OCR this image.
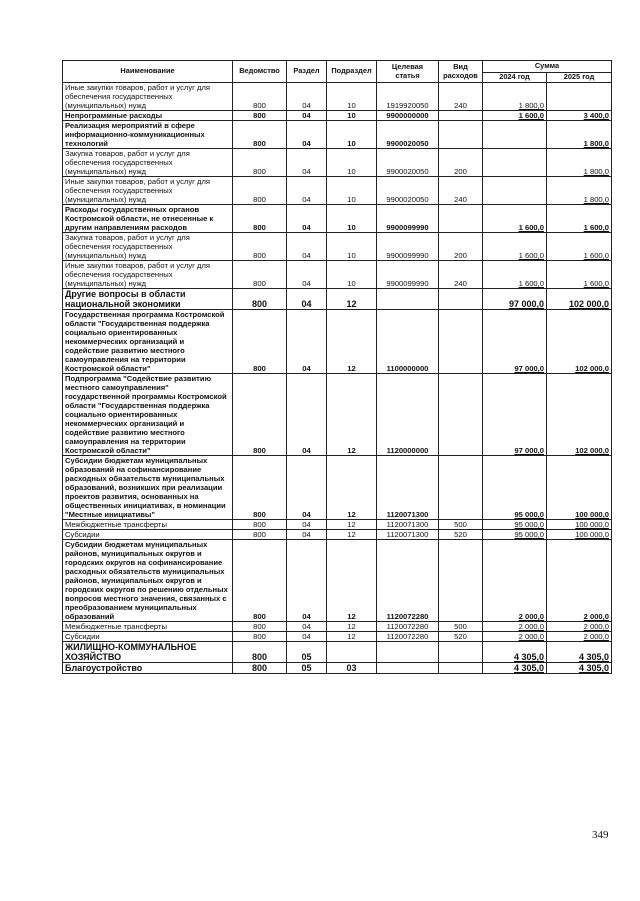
Наименование	Ведомство	Раздел	Подраздел	Целевая статья	Вид расходов	Сумма	
						2024 год	2025 год
Иные закупки товаров, работ и услуг для обеспечения государственных (муниципальных) нужд	800	04	10	1919920050	240	1 800,0	
Непрограммные расходы	800	04	10	9900000000		1 600,0	3 400,0
Реализация мероприятий в сфере информационно-коммуникационных технологий	800	04	10	9900020050			1 800,0
Закупка товаров, работ и услуг для обеспечения государственных (муниципальных) нужд	800	04	10	9900020050	200		1 800,0
Иные закупки товаров, работ и услуг для обеспечения государственных (муниципальных) нужд	800	04	10	9900020050	240		1 800,0
Расходы государственных органов Костромской области, не отнесенные к другим направлениям расходов	800	04	10	9900099990		1 600,0	1 600,0
Закупка товаров, работ и услуг для обеспечения государственных (муниципальных) нужд	800	04	10	9900099990	200	1 600,0	1 600,0
Иные закупки товаров, работ и услуг для обеспечения государственных (муниципальных) нужд	800	04	10	9900099990	240	1 600,0	1 600,0
Другие вопросы в области национальной экономики	800	04	12			97 000,0	102 000,0
Государственная программа Костромской области "Государственная поддержка социально ориентированных некоммерческих организаций и содействие развитию местного самоуправления на территории Костромской области"	800	04	12	1100000000		97 000,0	102 000,0
Подпрограмма "Содействие развитию местного самоуправления" государственной программы Костромской области "Государственная поддержка социально ориентированных некоммерческих организаций и содействие развитию местного самоуправления на территории Костромской области"	800	04	12	1120000000		97 000,0	102 000,0
Субсидии бюджетам муниципальных образований на софинансирование расходных обязательств муниципальных образований, возникших при реализации проектов развития, основанных на общественных инициативах, в номинации "Местные инициативы"	800	04	12	1120071300		95 000,0	100 000,0
Межбюджетные трансферты	800	04	12	1120071300	500	95 000,0	100 000,0
Субсидии	800	04	12	1120071300	520	95 000,0	100 000,0
Субсидии бюджетам муниципальных районов, муниципальных округов и городских округов на софинансирование расходных обязательств муниципальных районов, муниципальных округов и городских округов по решению отдельных вопросов местного значения, связанных с преобразованием муниципальных образований	800	04	12	1120072280		2 000,0	2 000,0
Межбюджетные трансферты	800	04	12	1120072280	500	2 000,0	2 000,0
Субсидии	800	04	12	1120072280	520	2 000,0	2 000,0
ЖИЛИЩНО-КОММУНАЛЬНОЕ ХОЗЯЙСТВО	800	05				4 305,0	4 305,0
Благоустройство	800	05	03			4 305,0	4 305,0
349
